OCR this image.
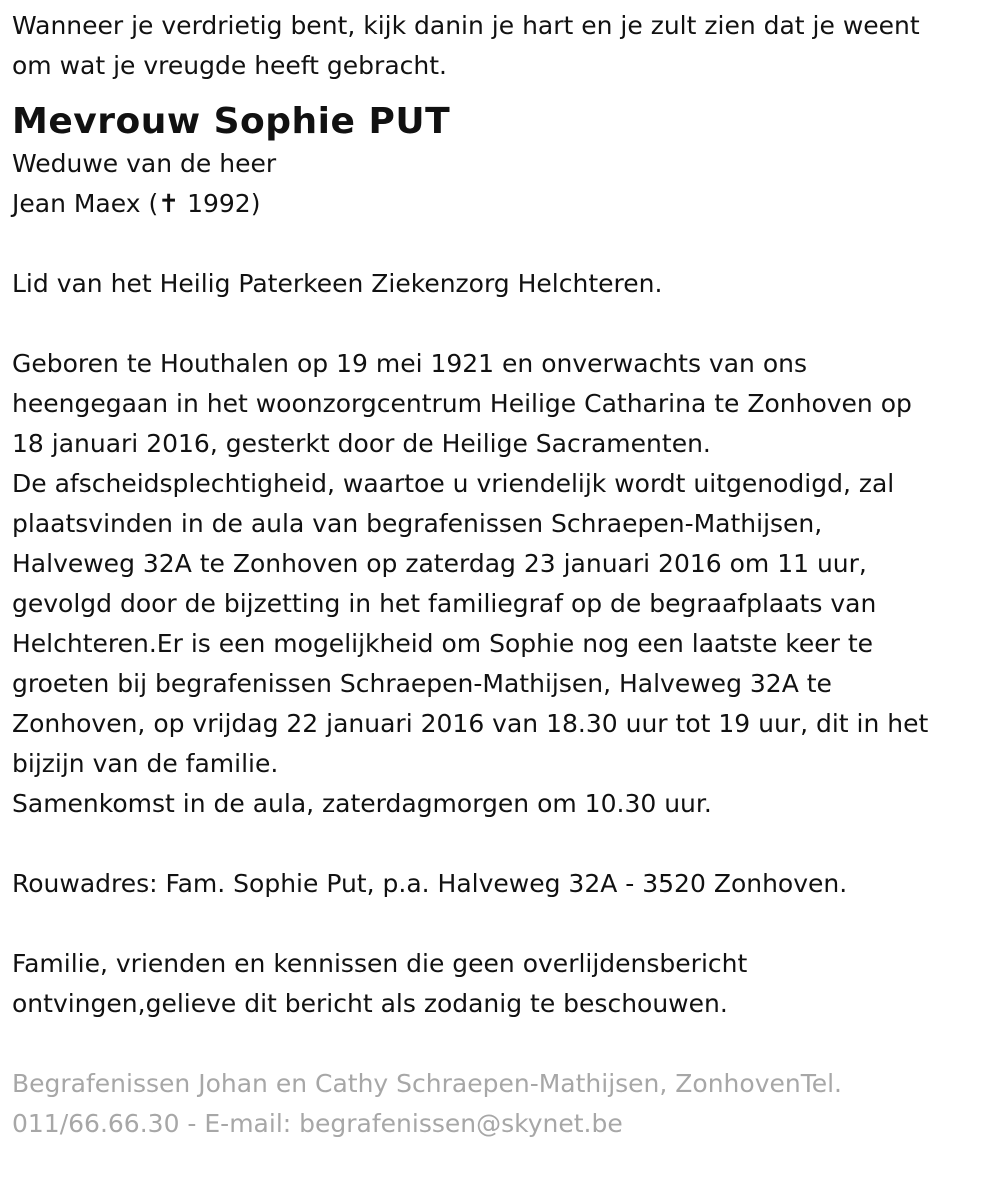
Wanneer je verdrietig bent, kijk danin je hart en je zult zien dat je weent

om wat je vreugde heeft gebracht.

Mevrouw Sophie PUT

Weduwe van de heer

Jean Maex (✝ 1992)

Lid van het Heilig Paterkeen Ziekenzorg Helchteren.

Geboren te Houthalen op 19 mei 1921 en onverwachts van ons

heengegaan in het woonzorgcentrum Heilige Catharina te Zonhoven op

18 januari 2016, gesterkt door de Heilige Sacramenten.

De afscheidsplechtigheid, waartoe u vriendelijk wordt uitgenodigd, zal

plaatsvinden in de aula van begrafenissen Schraepen-Mathijsen,

Halveweg 32A te Zonhoven op zaterdag 23 januari 2016 om 11 uur,

gevolgd door de bijzetting in het familiegraf op de begraafplaats van

Helchteren.Er is een mogelijkheid om Sophie nog een laatste keer te

groeten bij begrafenissen Schraepen-Mathijsen, Halveweg 32A te

Zonhoven, op vrijdag 22 januari 2016 van 18.30 uur tot 19 uur, dit in het

bijzijn van de familie.

Samenkomst in de aula, zaterdagmorgen om 10.30 uur.

Rouwadres: Fam. Sophie Put, p.a. Halveweg 32A - 3520 Zonhoven.

Familie, vrienden en kennissen die geen overlijdensbericht

ontvingen,gelieve dit bericht als zodanig te beschouwen.

Begrafenissen Johan en Cathy Schraepen-Mathijsen, ZonhovenTel.

011/66.66.30 - E-mail: begrafenissen@skynet.be
